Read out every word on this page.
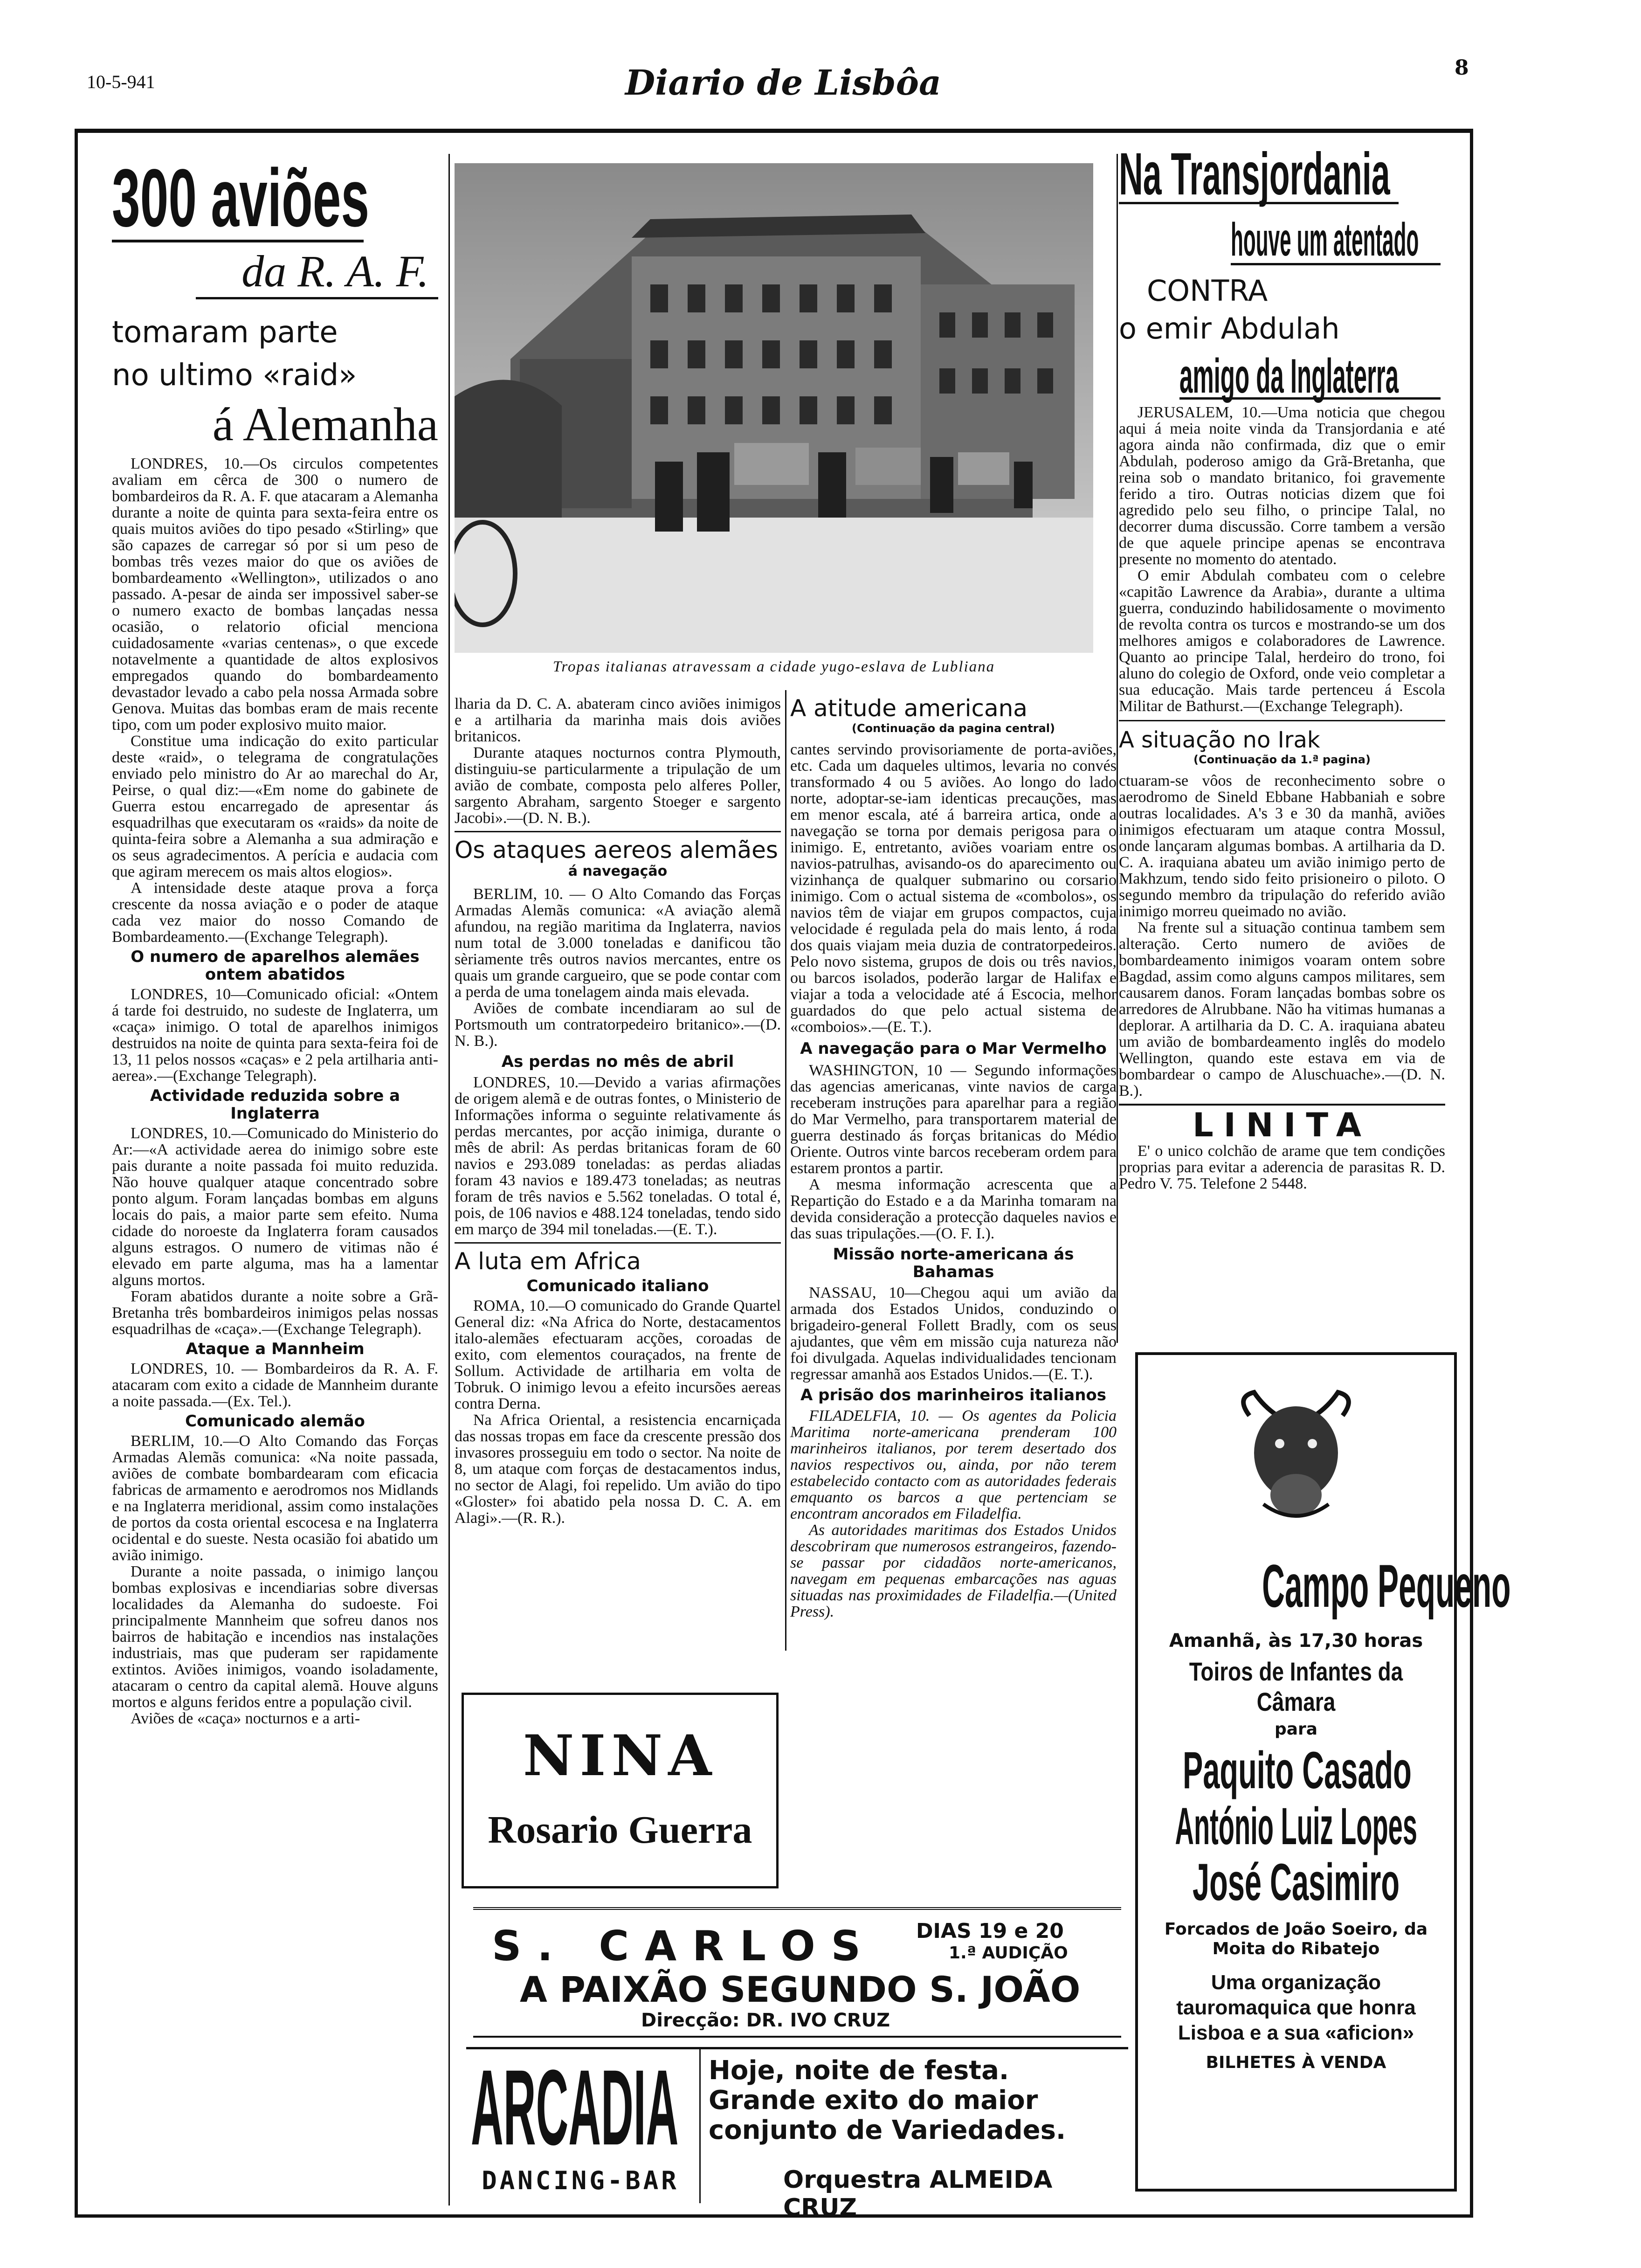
10-5-941	Diario de Lisbôa	8
300 aviões
da R. A. F.
tomaram parte
no ultimo «raid»
á Alemanha

LONDRES, 10.—Os circulos competentes avaliam em cêrca de 300 o numero de bombardeiros da R. A. F. que atacaram a Alemanha durante a noite de quinta para sexta-feira entre os quais muitos aviões do tipo pesado «Stirling» que são capazes de carregar só por si um peso de bombas três vezes maior do que os aviões de bombardeamento «Wellington», utilizados o ano passado. A-pesar de ainda ser impossivel saber-se o numero exacto de bombas lançadas nessa ocasião, o relatorio oficial menciona cuidadosamente «varias centenas», o que excede notavelmente a quantidade de altos explosivos empregados quando do bombardeamento devastador levado a cabo pela nossa Armada sobre Genova. Muitas das bombas eram de mais recente tipo, com um poder explosivo muito maior.

Constitue uma indicação do exito particular deste «raid», o telegrama de congratulações enviado pelo ministro do Ar ao marechal do Ar, Peirse, o qual diz:—«Em nome do gabinete de Guerra estou encarregado de apresentar ás esquadrilhas que executaram os «raids» da noite de quinta-feira sobre a Alemanha a sua admiração e os seus agradecimentos. A perícia e audacia com que agiram merecem os mais altos elogios».

A intensidade deste ataque prova a força crescente da nossa aviação e o poder de ataque cada vez maior do nosso Comando de Bombardeamento.—(Exchange Telegraph).

O numero de aparelhos alemães ontem abatidos

LONDRES, 10—Comunicado oficial: «Ontem á tarde foi destruido, no sudeste de Inglaterra, um «caça» inimigo. O total de aparelhos inimigos destruidos na noite de quinta para sexta-feira foi de 13, 11 pelos nossos «caças» e 2 pela artilharia anti-aerea».—(Exchange Telegraph).

Actividade reduzida sobre a Inglaterra

LONDRES, 10.—Comunicado do Ministerio do Ar:—«A actividade aerea do inimigo sobre este pais durante a noite passada foi muito reduzida. Não houve qualquer ataque concentrado sobre ponto algum. Foram lançadas bombas em alguns locais do pais, a maior parte sem efeito. Numa cidade do noroeste da Inglaterra foram causados alguns estragos. O numero de vitimas não é elevado em parte alguma, mas ha a lamentar alguns mortos.

Foram abatidos durante a noite sobre a Grã-Bretanha três bombardeiros inimigos pelas nossas esquadrilhas de «caça».—(Exchange Telegraph).

Ataque a Mannheim

LONDRES, 10. — Bombardeiros da R. A. F. atacaram com exito a cidade de Mannheim durante a noite passada.—(Ex. Tel.).

Comunicado alemão

BERLIM, 10.—O Alto Comando das Forças Armadas Alemãs comunica: «Na noite passada, aviões de combate bombardearam com eficacia fabricas de armamento e aerodromos nos Midlands e na Inglaterra meridional, assim como instalações de portos da costa oriental escocesa e na Inglaterra ocidental e do sueste. Nesta ocasião foi abatido um avião inimigo.

Durante a noite passada, o inimigo lançou bombas explosivas e incendiarias sobre diversas localidades da Alemanha do sudoeste. Foi principalmente Mannheim que sofreu danos nos bairros de habitação e incendios nas instalações industriais, mas que puderam ser rapidamente extintos. Aviões inimigos, voando isoladamente, atacaram o centro da capital alemã. Houve alguns mortos e alguns feridos entre a população civil.

Aviões de «caça» nocturnos e a arti-

Tropas italianas atravessam a cidade yugo-eslava de Lubliana

lharia da D. C. A. abateram cinco aviões inimigos e a artilharia da marinha mais dois aviões britanicos.

Durante ataques nocturnos contra Plymouth, distinguiu-se particularmente a tripulação de um avião de combate, composta pelo alferes Poller, sargento Abraham, sargento Stoeger e sargento Jacobi».—(D. N. B.).

Os ataques aereos alemães
á navegação

BERLIM, 10. — O Alto Comando das Forças Armadas Alemãs comunica: «A aviação alemã afundou, na região maritima da Inglaterra, navios num total de 3.000 toneladas e danificou tão sèriamente três outros navios mercantes, entre os quais um grande cargueiro, que se pode contar com a perda de uma tonelagem ainda mais elevada.

Aviões de combate incendiaram ao sul de Portsmouth um contratorpedeiro britanico».—(D. N. B.).

As perdas no mês de abril

LONDRES, 10.—Devido a varias afirmações de origem alemã e de outras fontes, o Ministerio de Informações informa o seguinte relativamente ás perdas mercantes, por acção inimiga, durante o mês de abril: As perdas britanicas foram de 60 navios e 293.089 toneladas: as perdas aliadas foram 43 navios e 189.473 toneladas; as neutras foram de três navios e 5.562 toneladas. O total é, pois, de 106 navios e 488.124 toneladas, tendo sido em março de 394 mil toneladas.—(E. T.).

A luta em Africa
Comunicado italiano

ROMA, 10.—O comunicado do Grande Quartel General diz: «Na Africa do Norte, destacamentos italo-alemães efectuaram acções, coroadas de exito, com elementos couraçados, na frente de Sollum. Actividade de artilharia em volta de Tobruk. O inimigo levou a efeito incursões aereas contra Derna.

Na Africa Oriental, a resistencia encarniçada das nossas tropas em face da crescente pressão dos invasores prosseguiu em todo o sector. Na noite de 8, um ataque com forças de destacamentos indus, no sector de Alagi, foi repelido. Um avião do tipo «Gloster» foi abatido pela nossa D. C. A. em Alagi».—(R. R.).

A atitude americana
(Continuação da pagina central)

cantes servindo provisoriamente de porta-aviões, etc. Cada um daqueles ultimos, levaria no convés transformado 4 ou 5 aviões. Ao longo do lado norte, adoptar-se-iam identicas precauções, mas em menor escala, até á barreira artica, onde a navegação se torna por demais perigosa para o inimigo. E, entretanto, aviões voariam entre os navios-patrulhas, avisando-os do aparecimento ou vizinhança de qualquer submarino ou corsario inimigo. Com o actual sistema de «combolos», os navios têm de viajar em grupos compactos, cuja velocidade é regulada pela do mais lento, á roda dos quais viajam meia duzia de contratorpedeiros. Pelo novo sistema, grupos de dois ou três navios, ou barcos isolados, poderão largar de Halifax e viajar a toda a velocidade até á Escocia, melhor guardados do que pelo actual sistema de «comboios».—(E. T.).

A navegação para o Mar Vermelho

WASHINGTON, 10 — Segundo informações das agencias americanas, vinte navios de carga receberam instruções para aparelhar para a região do Mar Vermelho, para transportarem material de guerra destinado ás forças britanicas do Médio Oriente. Outros vinte barcos receberam ordem para estarem prontos a partir.

A mesma informação acrescenta que a Repartição do Estado e a da Marinha tomaram na devida consideração a protecção daqueles navios e das suas tripulações.—(O. F. I.).

Missão norte-americana ás Bahamas

NASSAU, 10—Chegou aqui um avião da armada dos Estados Unidos, conduzindo o brigadeiro-general Follett Bradly, com os seus ajudantes, que vêm em missão cuja natureza não foi divulgada. Aquelas individualidades tencionam regressar amanhã aos Estados Unidos.—(E. T.).

A prisão dos marinheiros italianos

FILADELFIA, 10. — Os agentes da Policia Maritima norte-americana prenderam 100 marinheiros italianos, por terem desertado dos navios respectivos ou, ainda, por não terem estabelecido contacto com as autoridades federais emquanto os barcos a que pertenciam se encontram ancorados em Filadelfia.

As autoridades maritimas dos Estados Unidos descobriram que numerosos estrangeiros, fazendo-se passar por cidadãos norte-americanos, navegam em pequenas embarcações nas aguas situadas nas proximidades de Filadelfia.—(United Press).

NINA
Rosario Guerra
Na Transjordania
houve um atentado
CONTRA
o emir Abdulah
amigo da Inglaterra

JERUSALEM, 10.—Uma noticia que chegou aqui á meia noite vinda da Transjordania e até agora ainda não confirmada, diz que o emir Abdulah, poderoso amigo da Grã-Bretanha, que reina sob o mandato britanico, foi gravemente ferido a tiro. Outras noticias dizem que foi agredido pelo seu filho, o principe Talal, no decorrer duma discussão. Corre tambem a versão de que aquele principe apenas se encontrava presente no momento do atentado.

O emir Abdulah combateu com o celebre «capitão Lawrence da Arabia», durante a ultima guerra, conduzindo habilidosamente o movimento de revolta contra os turcos e mostrando-se um dos melhores amigos e colaboradores de Lawrence. Quanto ao principe Talal, herdeiro do trono, foi aluno do colegio de Oxford, onde veio completar a sua educação. Mais tarde pertenceu á Escola Militar de Bathurst.—(Exchange Telegraph).

A situação no Irak
(Continuação da 1.ª pagina)

ctuaram-se vôos de reconhecimento sobre o aerodromo de Sineld Ebbane Habbaniah e sobre outras localidades. A's 3 e 30 da manhã, aviões inimigos efectuaram um ataque contra Mossul, onde lançaram algumas bombas. A artilharia da D. C. A. iraquiana abateu um avião inimigo perto de Makhzum, tendo sido feito prisioneiro o piloto. O segundo membro da tripulação do referido avião inimigo morreu queimado no avião.

Na frente sul a situação continua tambem sem alteração. Certo numero de aviões de bombardeamento inimigos voaram ontem sobre Bagdad, assim como alguns campos militares, sem causarem danos. Foram lançadas bombas sobre os arredores de Alrubbane. Não ha vitimas humanas a deplorar. A artilharia da D. C. A. iraquiana abateu um avião de bombardeamento inglês do modelo Wellington, quando este estava em via de bombardear o campo de Aluschuache».—(D. N. B.).

LINITA

E' o unico colchão de arame que tem condições proprias para evitar a aderencia de parasitas R. D. Pedro V. 75. Telefone 2 5448.

Campo Pequeno
Amanhã, às 17,30 horas
Toiros de Infantes da Câmara
para
Paquito Casado
António Luiz Lopes
José Casimiro
Forcados de João Soeiro, da Moita do Ribatejo
Uma organização tauromaquica que honra Lisboa e a sua «aficion»
BILHETES À VENDA
S. CARLOS DIAS 19 e 20
1.ª AUDIÇÃO
A PAIXÃO SEGUNDO S. JOÃO
Direcção: DR. IVO CRUZ
ARCADIA
DANCING-BAR
Hoje, noite de festa. Grande exito do maior conjunto de Variedades.
Orquestra ALMEIDA CRUZ
